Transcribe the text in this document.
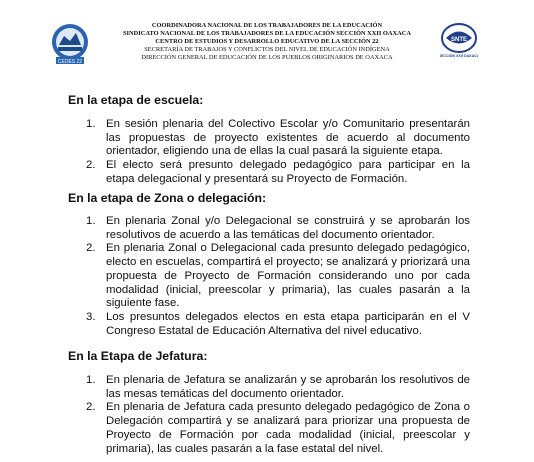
CEDES 22
COORDINADORA NACIONAL DE LOS TRABAJADORES DE LA EDUCACIÓN
SINDICATO NACIONAL DE LOS TRABAJADORES DE LA EDUCACIÓN SECCIÓN XXII OAXACA
CENTRO DE ESTUDIOS Y DESARROLLO EDUCATIVO DE LA SECCIÓN 22
SECRETARÍA DE TRABAJOS Y CONFLICTOS DEL NIVEL DE EDUCACIÓN INDÍGENA
DIRECCIÓN GENERAL DE EDUCACIÓN DE LOS PUEBLOS ORIGINARIOS DE OAXACA
SNTE
SECCIÓN XXII OAXACA

En la etapa de escuela:

1. En sesión plenaria del Colectivo Escolar y/o Comunitario presentarán las propuestas de proyecto existentes de acuerdo al documento orientador, eligiendo una de ellas la cual pasará la siguiente etapa.
2. El electo será presunto delegado pedagógico para participar en la etapa delegacional y presentará su Proyecto de Formación.

En la etapa de Zona o delegación:

1. En plenaria Zonal y/o Delegacional se construirá y se aprobarán los resolutivos de acuerdo a las temáticas del documento orientador.
2. En plenaria Zonal o Delegacional cada presunto delegado pedagógico, electo en escuelas, compartirá el proyecto; se analizará y priorizará una propuesta de Proyecto de Formación considerando uno por cada modalidad (inicial, preescolar y primaria), las cuales pasarán a la siguiente fase.
3. Los presuntos delegados electos en esta etapa participarán en el V Congreso Estatal de Educación Alternativa del nivel educativo.

En la Etapa de Jefatura:

1. En plenaria de Jefatura se analizarán y se aprobarán los resolutivos de las mesas temáticas del documento orientador.
2. En plenaria de Jefatura cada presunto delegado pedagógico de Zona o Delegación compartirá y se analizará para priorizar una propuesta de Proyecto de Formación por cada modalidad (inicial, preescolar y primaria), las cuales pasarán a la fase estatal del nivel.
